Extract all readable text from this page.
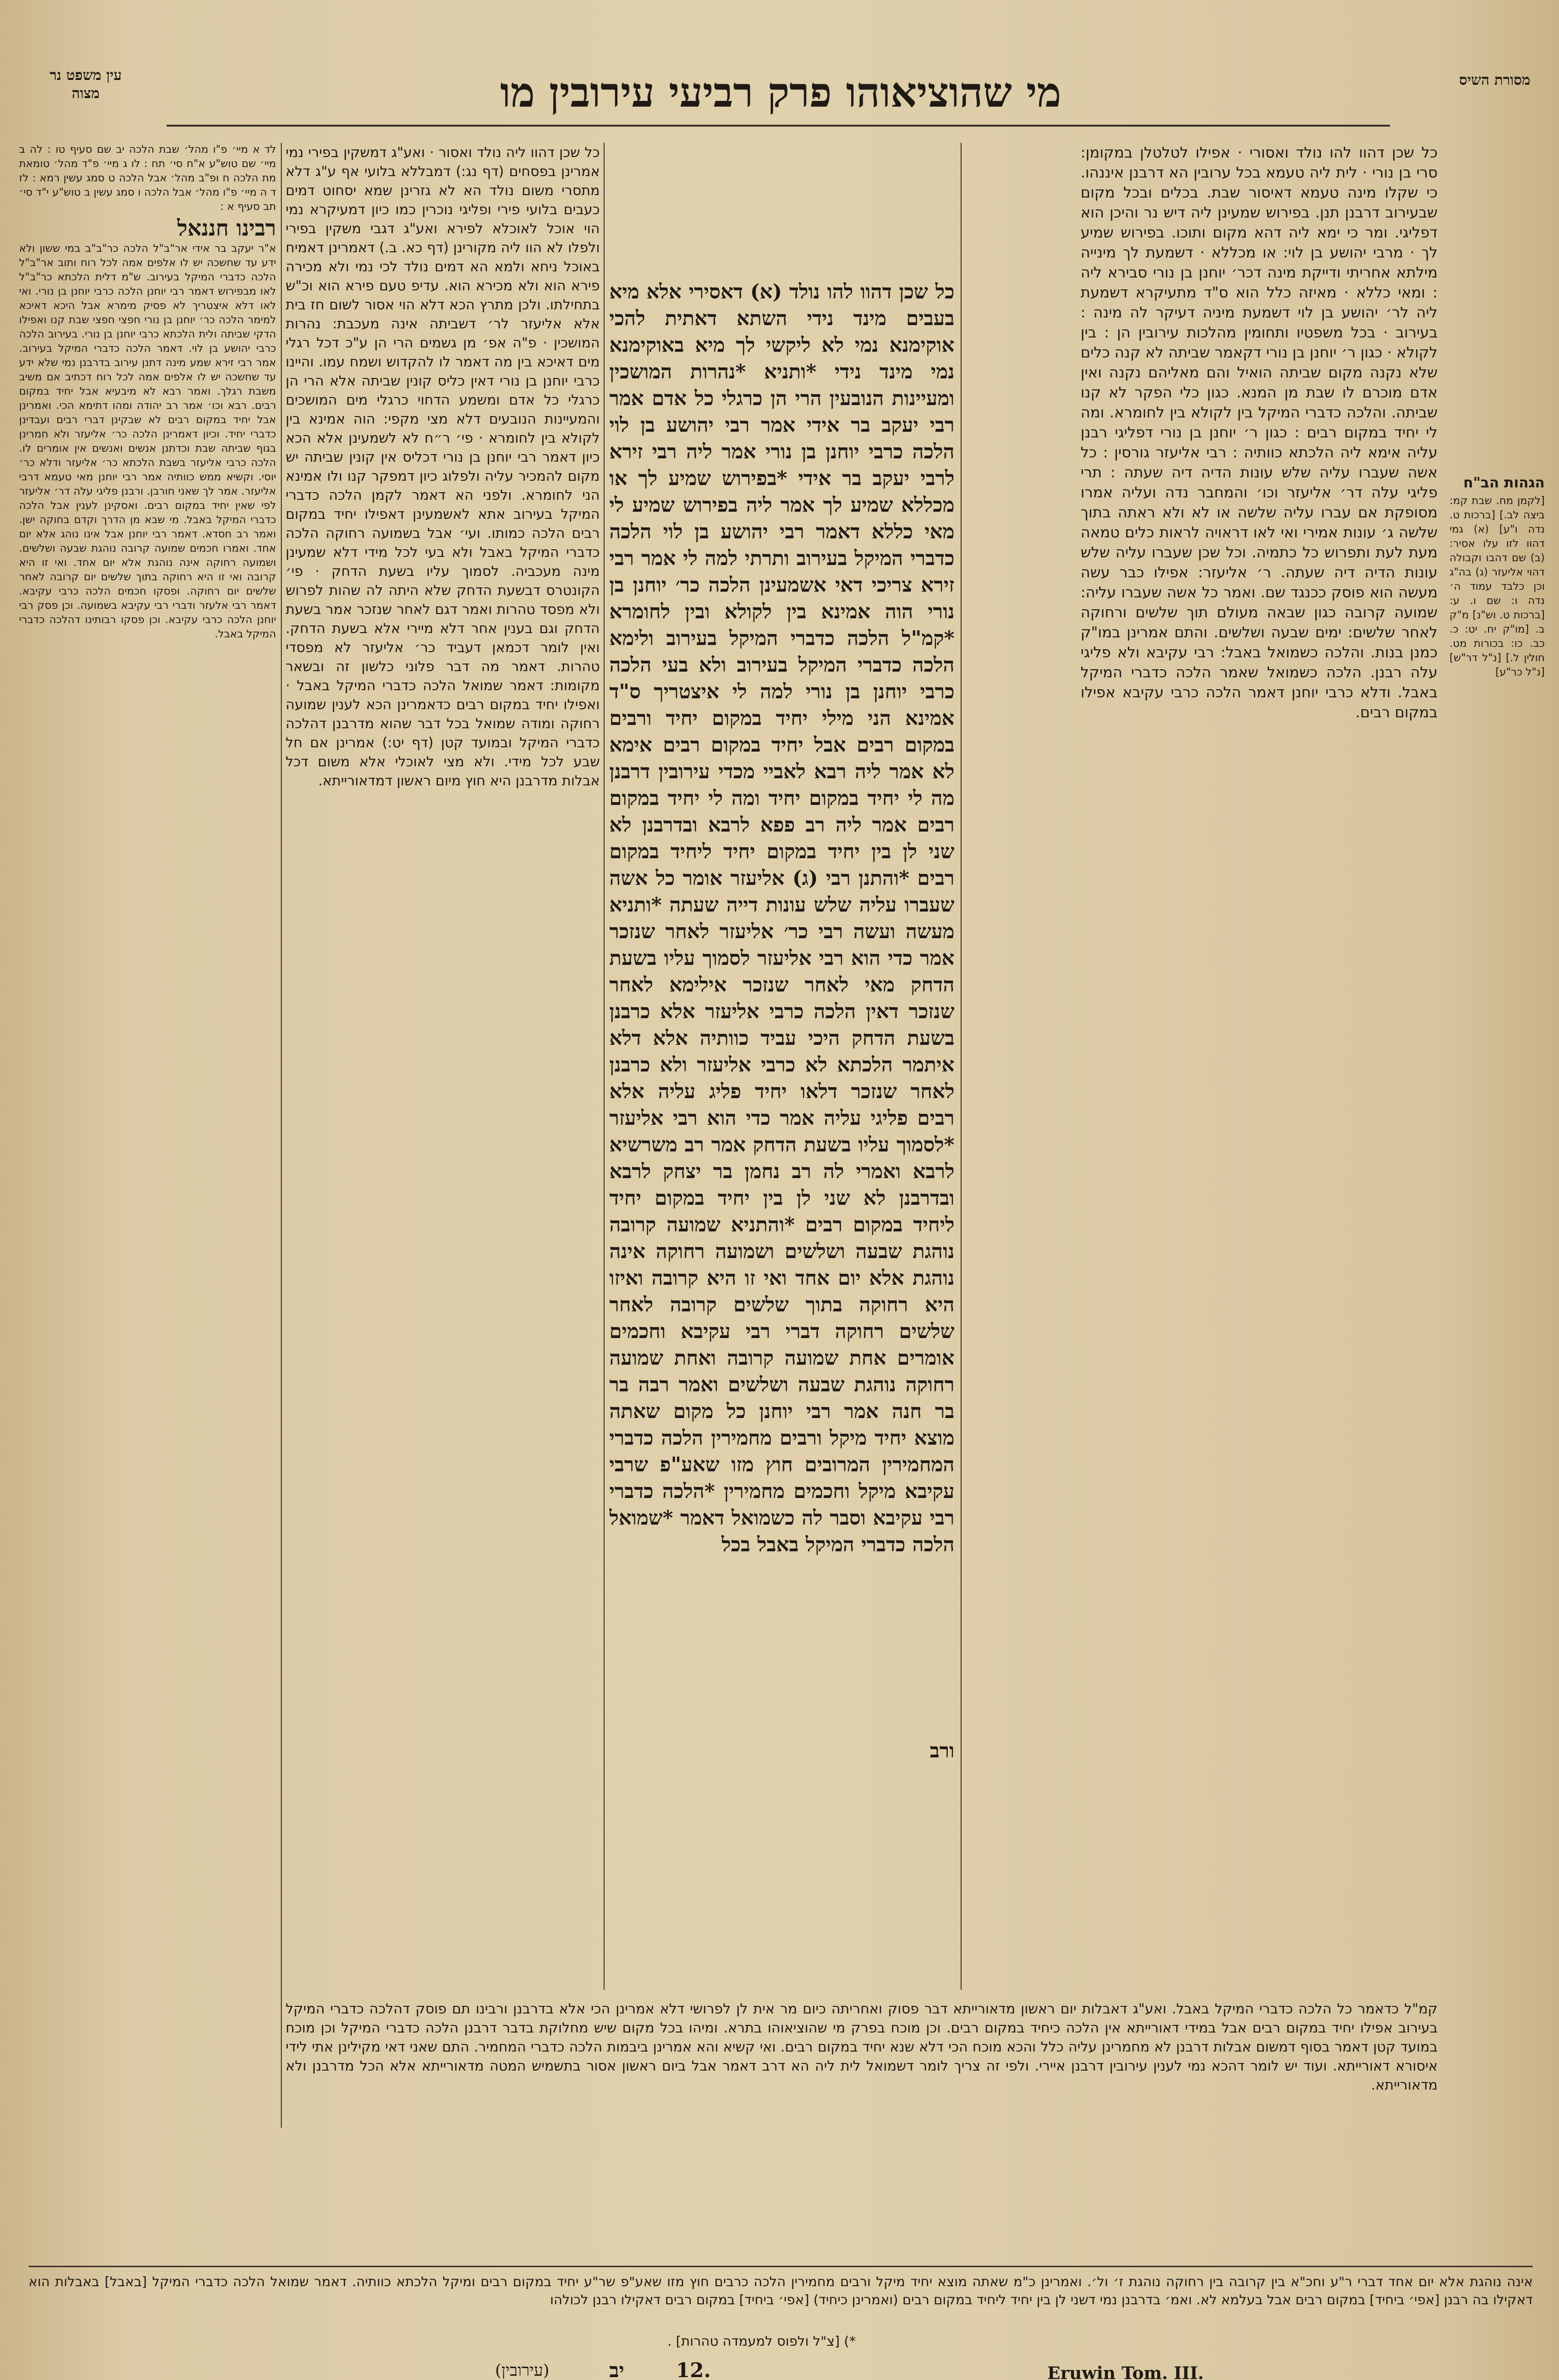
מסורת השיס
עין משפט נר מצוה	מי שהוציאוהו פרק רביעי עירובין מו
הגהות הב"ח
[לקמן מח. שבת קמ: ביצה לב.] [ברכות ט. נדה ו"ע] (א) גמי דהוו לזו עלו אסיר: (ב) שם דהבו וקבולה דהוי אליעזר (ג) בה"ג וכן כלבד עמוד ה׳ נדה ו: שם ו. ע: [ברכות ט. וש"נ] מ"ק ב. [מו"ק יח. יט: כ. כב. כו: בכורות מט. חולין ל.] [נ"ל דר"ש] [נ"ל כר"ע]
כל שכן דהוו להו נולד ואסורי · אפילו לטלטלן במקומן: סרי בן נורי · לית ליה טעמא בכל ערובין הא דרבנן איננהו. כי שקלו מינה טעמא דאיסור שבת. בכלים ובכל מקום שבעירוב דרבנן תנן. בפירוש שמעינן ליה דיש נר והיכן הוא דפליגי. ומר כי ימא ליה דהא מקום ותוכו. בפירוש שמיע לך · מרבי יהושע בן לוי: או מכללא · דשמעת לך מינייה מילתא אחריתי ודייקת מינה דכר׳ יוחנן בן נורי סבירא ליה : ומאי כללא · מאיזה כלל הוא ס"ד מתעיקרא דשמעת ליה לר׳ יהושע בן לוי דשמעת מיניה דעיקר לה מינה : בעירוב · בכל משפטיו ותחומין מהלכות עירובין הן : בין לקולא · כגון ר׳ יוחנן בן נורי דקאמר שביתה לא קנה כלים שלא נקנה מקום שביתה הואיל והם מאליהם נקנה ואין אדם מוכרם לו שבת מן המנא. כגון כלי הפקר לא קנו שביתה. והלכה כדברי המיקל בין לקולא בין לחומרא. ומה לי יחיד במקום רבים : כגון ר׳ יוחנן בן נורי דפליגי רבנן עליה אימא ליה הלכתא כוותיה : רבי אליעזר גורסין : כל אשה שעברו עליה שלש עונות הדיה דיה שעתה : תרי פליגי עלה דר׳ אליעזר וכו׳ והמחבר נדה ועליה אמרו מסופקת אם עברו עליה שלשה או לא ולא ראתה בתוך שלשה ג׳ עונות אמירי ואי לאו דראויה לראות כלים טמאה מעת לעת ותפרוש כל כתמיה. וכל שכן שעברו עליה שלש עונות הדיה דיה שעתה. ר׳ אליעזר: אפילו כבר עשה מעשה הוא פוסק ככנגד שם. ואמר כל אשה שעברו עליה: שמועה קרובה כגון שבאה מעולם תוך שלשים ורחוקה לאחר שלשים: ימים שבעה ושלשים. והתם אמרינן במו"ק כמנן בנות. והלכה כשמואל באבל: רבי עקיבא ולא פליגי עלה רבנן. הלכה כשמואל שאמר הלכה כדברי המיקל באבל. ודלא כרבי יוחנן דאמר הלכה כרבי עקיבא אפילו במקום רבים.
כל שכן דהוו להו נולד (א) דאסירי אלא מיא בעבים מינד נידי השתא דאתית להכי אוקימנא נמי לא ליקשי לך מיא באוקימנא נמי מינד נידי *ותניא *נהרות המושכין ומעיינות הנובעין הרי הן כרגלי כל אדם אמר רבי יעקב בר אידי אמר רבי יהושע בן לוי הלכה כרבי יוחנן בן נורי אמר ליה רבי זירא לרבי יעקב בר אידי *בפירוש שמיע לך או מכללא שמיע לך אמר ליה בפירוש שמיע לי מאי כללא דאמר רבי יהושע בן לוי הלכה כדברי המיקל בעירוב ותרתי למה לי אמר רבי זירא צריכי דאי אשמעינן הלכה כר׳ יוחנן בן נורי הוה אמינא בין לקולא ובין לחומרא *קמ"ל הלכה כדברי המיקל בעירוב ולימא הלכה כדברי המיקל בעירוב ולא בעי הלכה כרבי יוחנן בן נורי למה לי איצטריך ס"ד אמינא הני מילי יחיד במקום יחיד ורבים במקום רבים אבל יחיד במקום רבים אימא לא אמר ליה רבא לאביי מכדי עירובין דרבנן מה לי יחיד במקום יחיד ומה לי יחיד במקום רבים אמר ליה רב פפא לרבא ובדרבנן לא שני לן בין יחיד במקום יחיד ליחיד במקום רבים *והתנן רבי (ג) אליעזר אומר כל אשה שעברו עליה שלש עונות דייה שעתה *ותניא מעשה ועשה רבי כר׳ אליעזר לאחר שנזכר אמר כדי הוא רבי אליעזר לסמוך עליו בשעת הדחק מאי לאחר שנזכר אילימא לאחר שנזכר דאין הלכה כרבי אליעזר אלא כרבנן בשעת הדחק היכי עביד כוותיה אלא דלא איתמר הלכתא לא כרבי אליעזר ולא כרבנן לאחר שנזכר דלאו יחיד פליג עליה אלא רבים פליגי עליה אמר כדי הוא רבי אליעזר *לסמוך עליו בשעת הדחק אמר רב משרשיא לרבא ואמרי לה רב נחמן בר יצחק לרבא ובדרבנן לא שני לן בין יחיד במקום יחיד ליחיד במקום רבים *והתניא שמועה קרובה נוהגת שבעה ושלשים ושמועה רחוקה אינה נוהגת אלא יום אחד ואי זו היא קרובה ואיזו היא רחוקה בתוך שלשים קרובה לאחר שלשים רחוקה דברי רבי עקיבא וחכמים אומרים אחת שמועה קרובה ואחת שמועה רחוקה נוהגת שבעה ושלשים ואמר רבה בר בר חנה אמר רבי יוחנן כל מקום שאתה מוצא יחיד מיקל ורבים מחמירין הלכה כדברי המחמירין המרובים חוץ מזו שאע"פ שרבי עקיבא מיקל וחכמים מחמירין *הלכה כדברי רבי עקיבא וסבר לה כשמואל דאמר *שמואל הלכה כדברי המיקל באבל בכל
ורב
כל שכן דהוו ליה נולד ואסור · ואע"ג דמשקין בפירי נמי אמרינן בפסחים (דף נג:) דמבללא בלועי אף ע"ג דלא מתסרי משום נולד הא לא גזרינן שמא יסחוט דמים כעבים בלועי פירי ופליגי נוכרין כמו כיון דמעיקרא נמי הוי אוכל לאוכלא לפירא ואע"ג דגבי משקין בפירי ולפלו לא הוו ליה מקורינן (דף כא. ב.) דאמרינן דאמיח באוכל ניחא ולמא הא דמים נולד לכי נמי ולא מכירה פירא הוא ולא מכירא הוא. עדיפ טעם פירא הוא וכ"ש בתחילתו. ולכן מתרץ הכא דלא הוי אסור לשום חז בית אלא אליעזר לר׳ דשביתה אינה מעכבת: נהרות המושכין · פ"ה אפ׳ מן גשמים הרי הן ע"כ דכל רגלי מים דאיכא בין מה דאמר לו להקדוש ושמח עמו. והיינו כרבי יוחנן בן נורי דאין כליס קונין שביתה אלא הרי הן כרגלי כל אדם ומשמע הדחוי כרגלי מים המושכים והמעיינות הנובעים דלא מצי מקפי: הוה אמינא בין לקולא בין לחומרא · פי׳ ר״ח לא לשמעינן אלא הכא כיון דאמר רבי יוחנן בן נורי דכליס אין קונין שביתה יש מקום להמכיר עליה ולפלוג כיון דמפקר קנו ולו אמינא הני לחומרא. ולפני הא דאמר לקמן הלכה כדברי המיקל בעירוב אתא לאשמעינן דאפילו יחיד במקום רבים הלכה כמותו. ועי׳ אבל בשמועה רחוקה הלכה כדברי המיקל באבל ולא בעי לכל מידי דלא שמעינן מינה מעכביה. לסמוך עליו בשעת הדחק · פי׳ הקונטרס דבשעת הדחק שלא היתה לה שהות לפרוש ולא מפסד טהרות ואמר דגם לאחר שנזכר אמר בשעת הדחק וגם בענין אחר דלא מיירי אלא בשעת הדחק. ואין לומר דכמאן דעביד כר׳ אליעזר לא מפסדי טהרות. דאמר מה דבר פלוני כלשון זה ובשאר מקומות: דאמר שמואל הלכה כדברי המיקל באבל · ואפילו יחיד במקום רבים כדאמרינן הכא לענין שמועה רחוקה ומודה שמואל בכל דבר שהוא מדרבנן דהלכה כדברי המיקל ובמועד קטן (דף יט:) אמרינן אם חל שבע לכל מידי. ולא מצי לאוכלי אלא משום דכל אבלות מדרבנן היא חוץ מיום ראשון דמדאורייתא.
לד א מיי׳ פ"ו מהל׳ שבת הלכה יב שם סעיף טו : לה ב מיי׳ שם טוש"ע א"ח סי׳ תח : לו ג מיי׳ פ"ד מהל׳ טומאת מת הלכה ח ופ"ב מהל׳ אבל הלכה ט סמג עשין רמא : לז ד ה מיי׳ פ"ו מהל׳ אבל הלכה ו סמג עשין ב טוש"ע י"ד סי׳ תב סעיף א :
רבינו חננאל
א"ר יעקב בר אידי אר"ב"ל הלכה כר"ב"ב במי ששון ולא ידע עד שחשכה יש לו אלפים אמה לכל רוח ותוב אר"ב"ל הלכה כדברי המיקל בעירוב. ש"מ דלית הלכתא כר"ב"ל לאו מבפירוש דאמר רבי יוחנן הלכה כרבי יוחנן בן נורי. ואי לאו דלא איצטריך לא פסיק מימרא אבל היכא דאיכא למימר הלכה כר׳ יוחנן בן נורי חפצי חפצי שבת קנו ואפילו הדקי שביתה ולית הלכתא כרבי יוחנן בן נורי. בעירוב הלכה כרבי יהושע בן לוי. דאמר הלכה כדברי המיקל בעירוב. אמר רבי זירא שמע מינה דתנן עירוב בדרבנן נמי שלא ידע עד שחשכה יש לו אלפים אמה לכל רוח דכתיב אם משיב משבת רגלך. ואמר רבא לא מיבעיא אבל יחיד במקום רבים. רבא וכו׳ אמר רב יהודה ומהו דתימא הכי. ואמרינן אבל יחיד במקום רבים לא שבקינן דברי רבים ועבדינן כדברי יחיד. וכיון דאמרינן הלכה כר׳ אליעזר ולא חמרינן בגוף שביתה שבת וכדתנן אנשים ואנשים אין אומרים לו. הלכה כרבי אליעזר בשבת הלכתא כר׳ אליעזר ודלא כר׳ יוסי. וקשיא ממש כוותיה אמר רבי יוחנן מאי טעמא דרבי אליעזר. אמר לך שאני חורבן. ורבנן פליגי עלה דר׳ אליעזר לפי שאין יחיד במקום רבים. ואסקינן לענין אבל הלכה כדברי המיקל באבל. מי שבא מן הדרך וקדם בחוקה ישן. ואמר רב חסדא. דאמר רבי יוחנן אבל אינו נוהג אלא יום אחד. ואמרו חכמים שמועה קרובה נוהגת שבעה ושלשים. ושמועה רחוקה אינה נוהגת אלא יום אחד. ואי זו היא קרובה ואי זו היא רחוקה בתוך שלשים יום קרובה לאחר שלשים יום רחוקה. ופסקו חכמים הלכה כרבי עקיבא. דאמר רבי אלעזר ודברי רבי עקיבא בשמועה. וכן פסק רבי יוחנן הלכה כרבי עקיבא. וכן פסקו רבותינו דהלכה כדברי המיקל באבל.
קמ"ל כדאמר כל הלכה כדברי המיקל באבל. ואע"ג דאבלות יום ראשון מדאורייתא דבר פסוק ואחריתה כיום מר אית לן לפרושי דלא אמרינן הכי אלא בדרבנן ורבינו תם פוסק דהלכה כדברי המיקל בעירוב אפילו יחיד במקום רבים אבל במידי דאורייתא אין הלכה כיחיד במקום רבים. וכן מוכח בפרק מי שהוציאוהו בתרא. ומיהו בכל מקום שיש מחלוקת בדבר דרבנן הלכה כדברי המיקל וכן מוכח במועד קטן דאמר בסוף דמשום אבלות דרבנן לא מחמרינן עליה כלל והכא מוכח הכי דלא שנא יחיד במקום רבים. ואי קשיא והא אמרינן ביבמות הלכה כדברי המחמיר. התם שאני דאי מקילינן אתי לידי איסורא דאורייתא. ועוד יש לומר דהכא נמי לענין עירובין דרבנן איירי. ולפי זה צריך לומר דשמואל לית ליה הא דרב דאמר אבל ביום ראשון אסור בתשמיש המטה מדאורייתא אלא הכל מדרבנן ולא מדאורייתא.
אינה נוהגת אלא יום אחד דברי ר"ע וחכ"א בין קרובה בין רחוקה נוהגת ז׳ ול׳. ואמרינן כ"מ שאתה מוצא יחיד מיקל ורבים מחמירין הלכה כרבים חוץ מזו שאע"פ שר"ע יחיד במקום רבים ומיקל הלכתא כוותיה. דאמר שמואל הלכה כדברי המיקל [באבל] באבלות הוא דאקילו בה רבנן [אפי׳ ביחיד] במקום רבים אבל בעלמא לא. ואמ׳ בדרבנן נמי דשני לן בין יחיד ליחיד במקום רבים (ואמרינן כיחיד) [אפי׳ ביחיד] במקום רבים דאקילו רבנן לכולהו
*) [צ"ל ולפוס למעמדה טהרות] .
יב
(עירובין)	12.	Eruwin Tom. III.
